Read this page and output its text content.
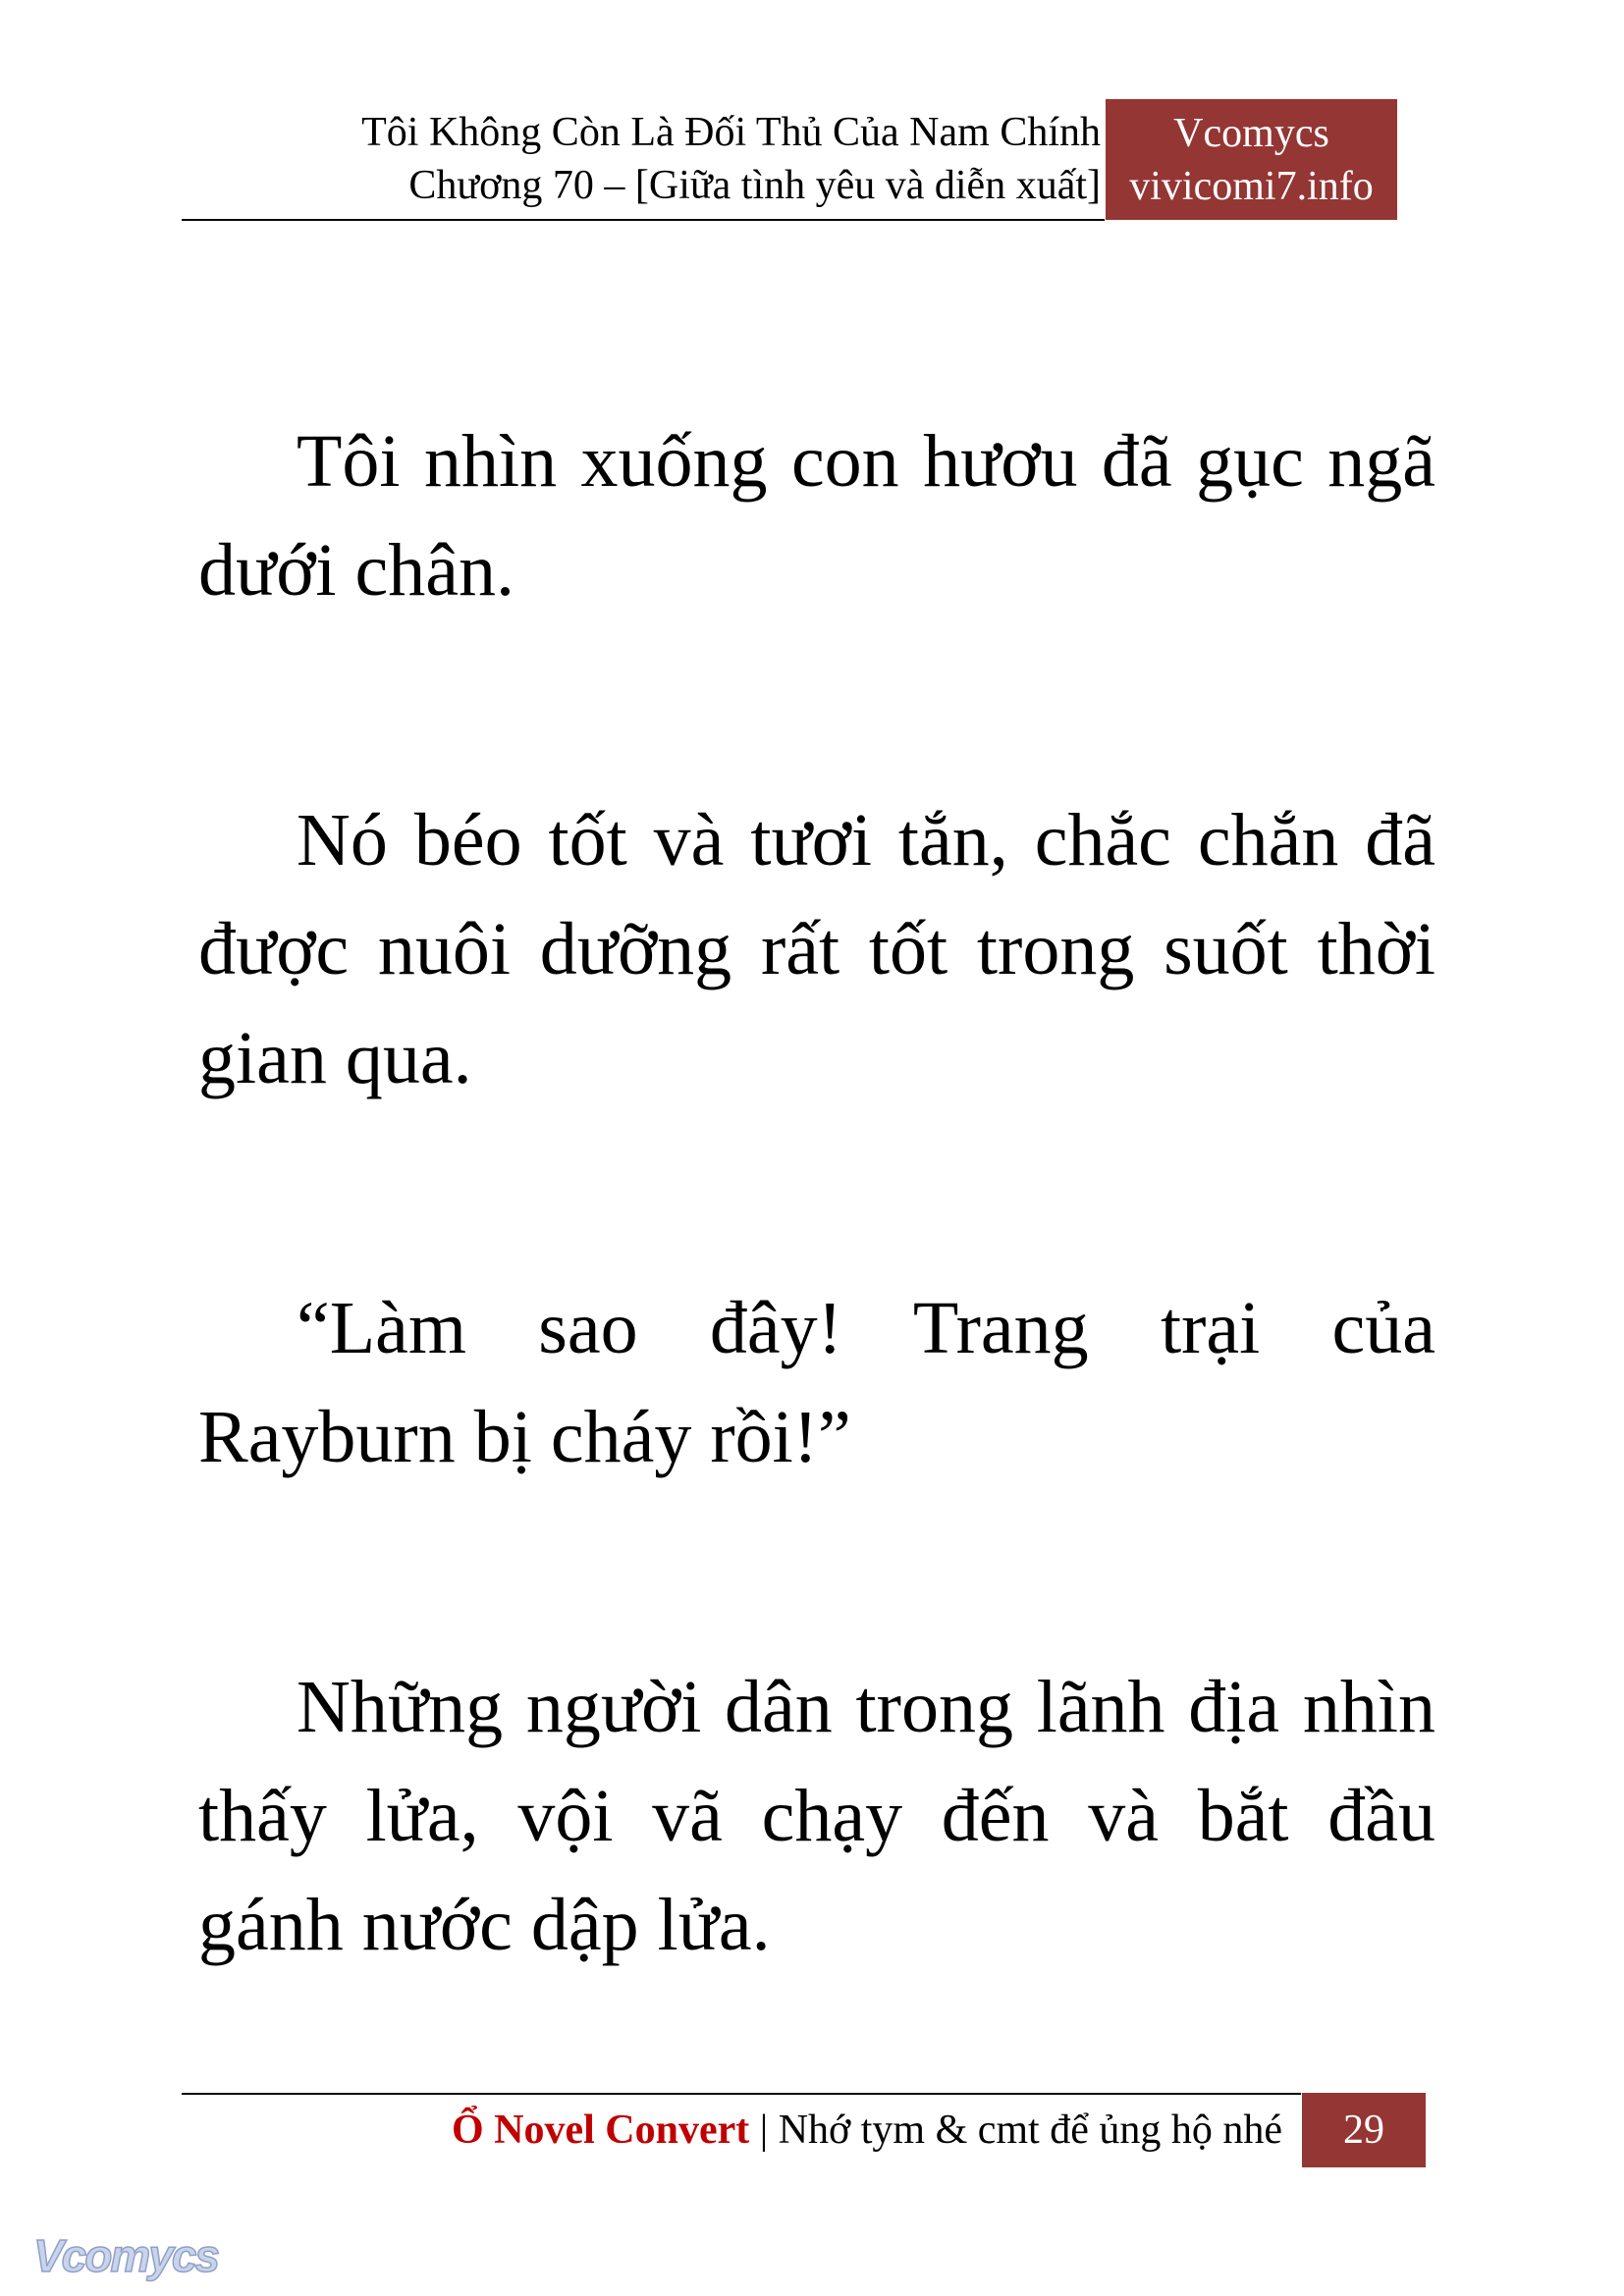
Tôi Không Còn Là Đối Thủ Của Nam Chính
Chương 70 – [Giữa tình yêu và diễn xuất]
Vcomycs
vivicomi7.info

Tôi nhìn xuống con hươu đã gục ngã dưới chân.

Nó béo tốt và tươi tắn, chắc chắn đã được nuôi dưỡng rất tốt trong suốt thời gian qua.

“Làm sao đây! Trang trại của Rayburn bị cháy rồi!”

Những người dân trong lãnh địa nhìn thấy lửa, vội vã chạy đến và bắt đầu gánh nước dập lửa.

Ổ Novel Convert | Nhớ tym & cmt để ủng hộ nhé	29
Vcomycs
